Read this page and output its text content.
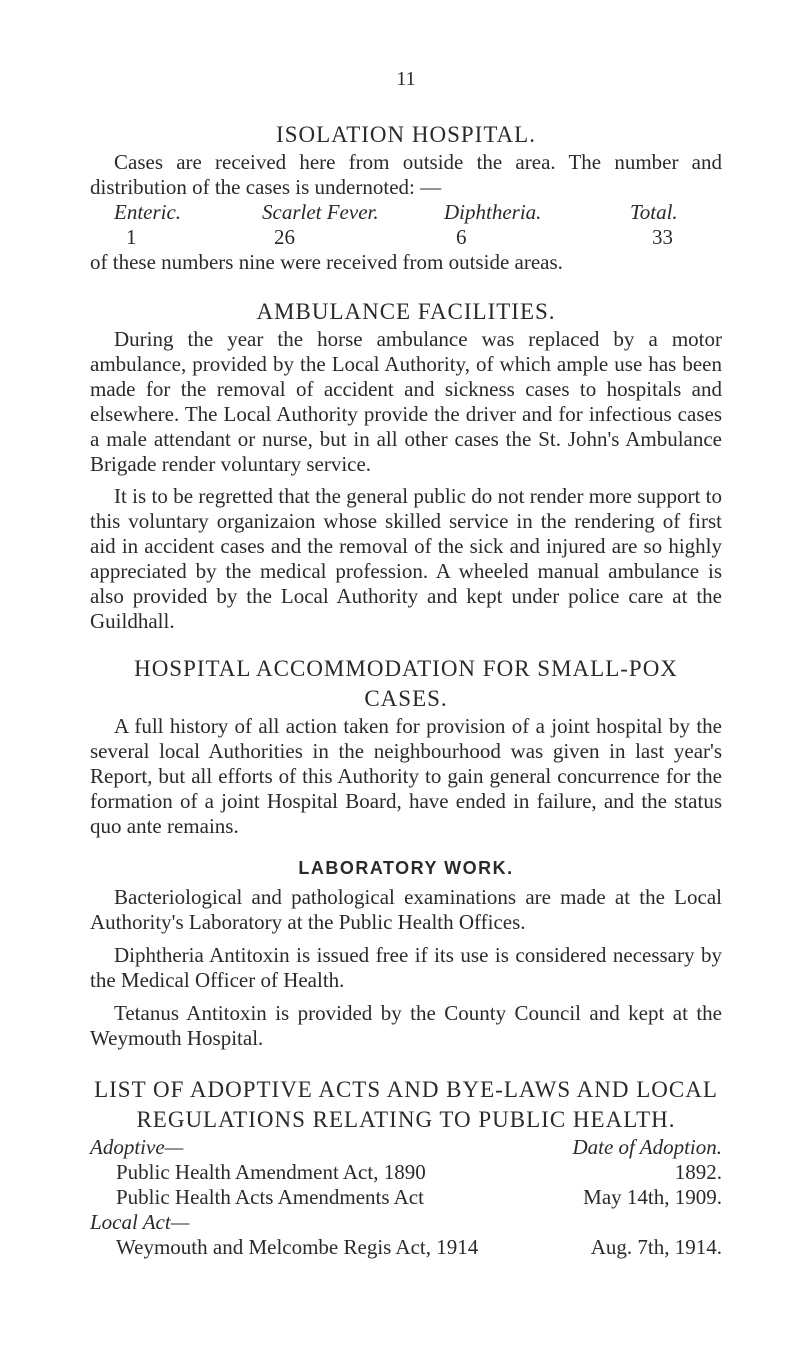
11
ISOLATION HOSPITAL.

Cases are received here from outside the area. The number and distribution of the cases is undernoted: —

Enteric.	Scarlet Fever.	Diphtheria.	Total.
1	26	6	33

of these numbers nine were received from outside areas.

AMBULANCE FACILITIES.

During the year the horse ambulance was replaced by a motor ambulance, provided by the Local Authority, of which ample use has been made for the removal of accident and sickness cases to hospitals and elsewhere. The Local Authority provide the driver and for infectious cases a male attendant or nurse, but in all other cases the St. John's Ambulance Brigade render voluntary service.

It is to be regretted that the general public do not render more support to this voluntary organizaion whose skilled service in the rendering of first aid in accident cases and the removal of the sick and injured are so highly appreciated by the medical profession. A wheeled manual ambulance is also provided by the Local Authority and kept under police care at the Guildhall.

HOSPITAL ACCOMMODATION FOR SMALL-POX CASES.

A full history of all action taken for provision of a joint hospital by the several local Authorities in the neighbourhood was given in last year's Report, but all efforts of this Authority to gain general concurrence for the formation of a joint Hospital Board, have ended in failure, and the status quo ante remains.

LABORATORY WORK.

Bacteriological and pathological examinations are made at the Local Authority's Laboratory at the Public Health Offices.

Diphtheria Antitoxin is issued free if its use is considered necessary by the Medical Officer of Health.

Tetanus Antitoxin is provided by the County Council and kept at the Weymouth Hospital.

LIST OF ADOPTIVE ACTS AND BYE-LAWS AND LOCAL
REGULATIONS RELATING TO PUBLIC HEALTH.
Adoptive—	Date of Adoption.
Public Health Amendment Act, 1890	1892.
Public Health Acts Amendments Act	May 14th, 1909.
Local Act—
Weymouth and Melcombe Regis Act, 1914	Aug. 7th, 1914.
